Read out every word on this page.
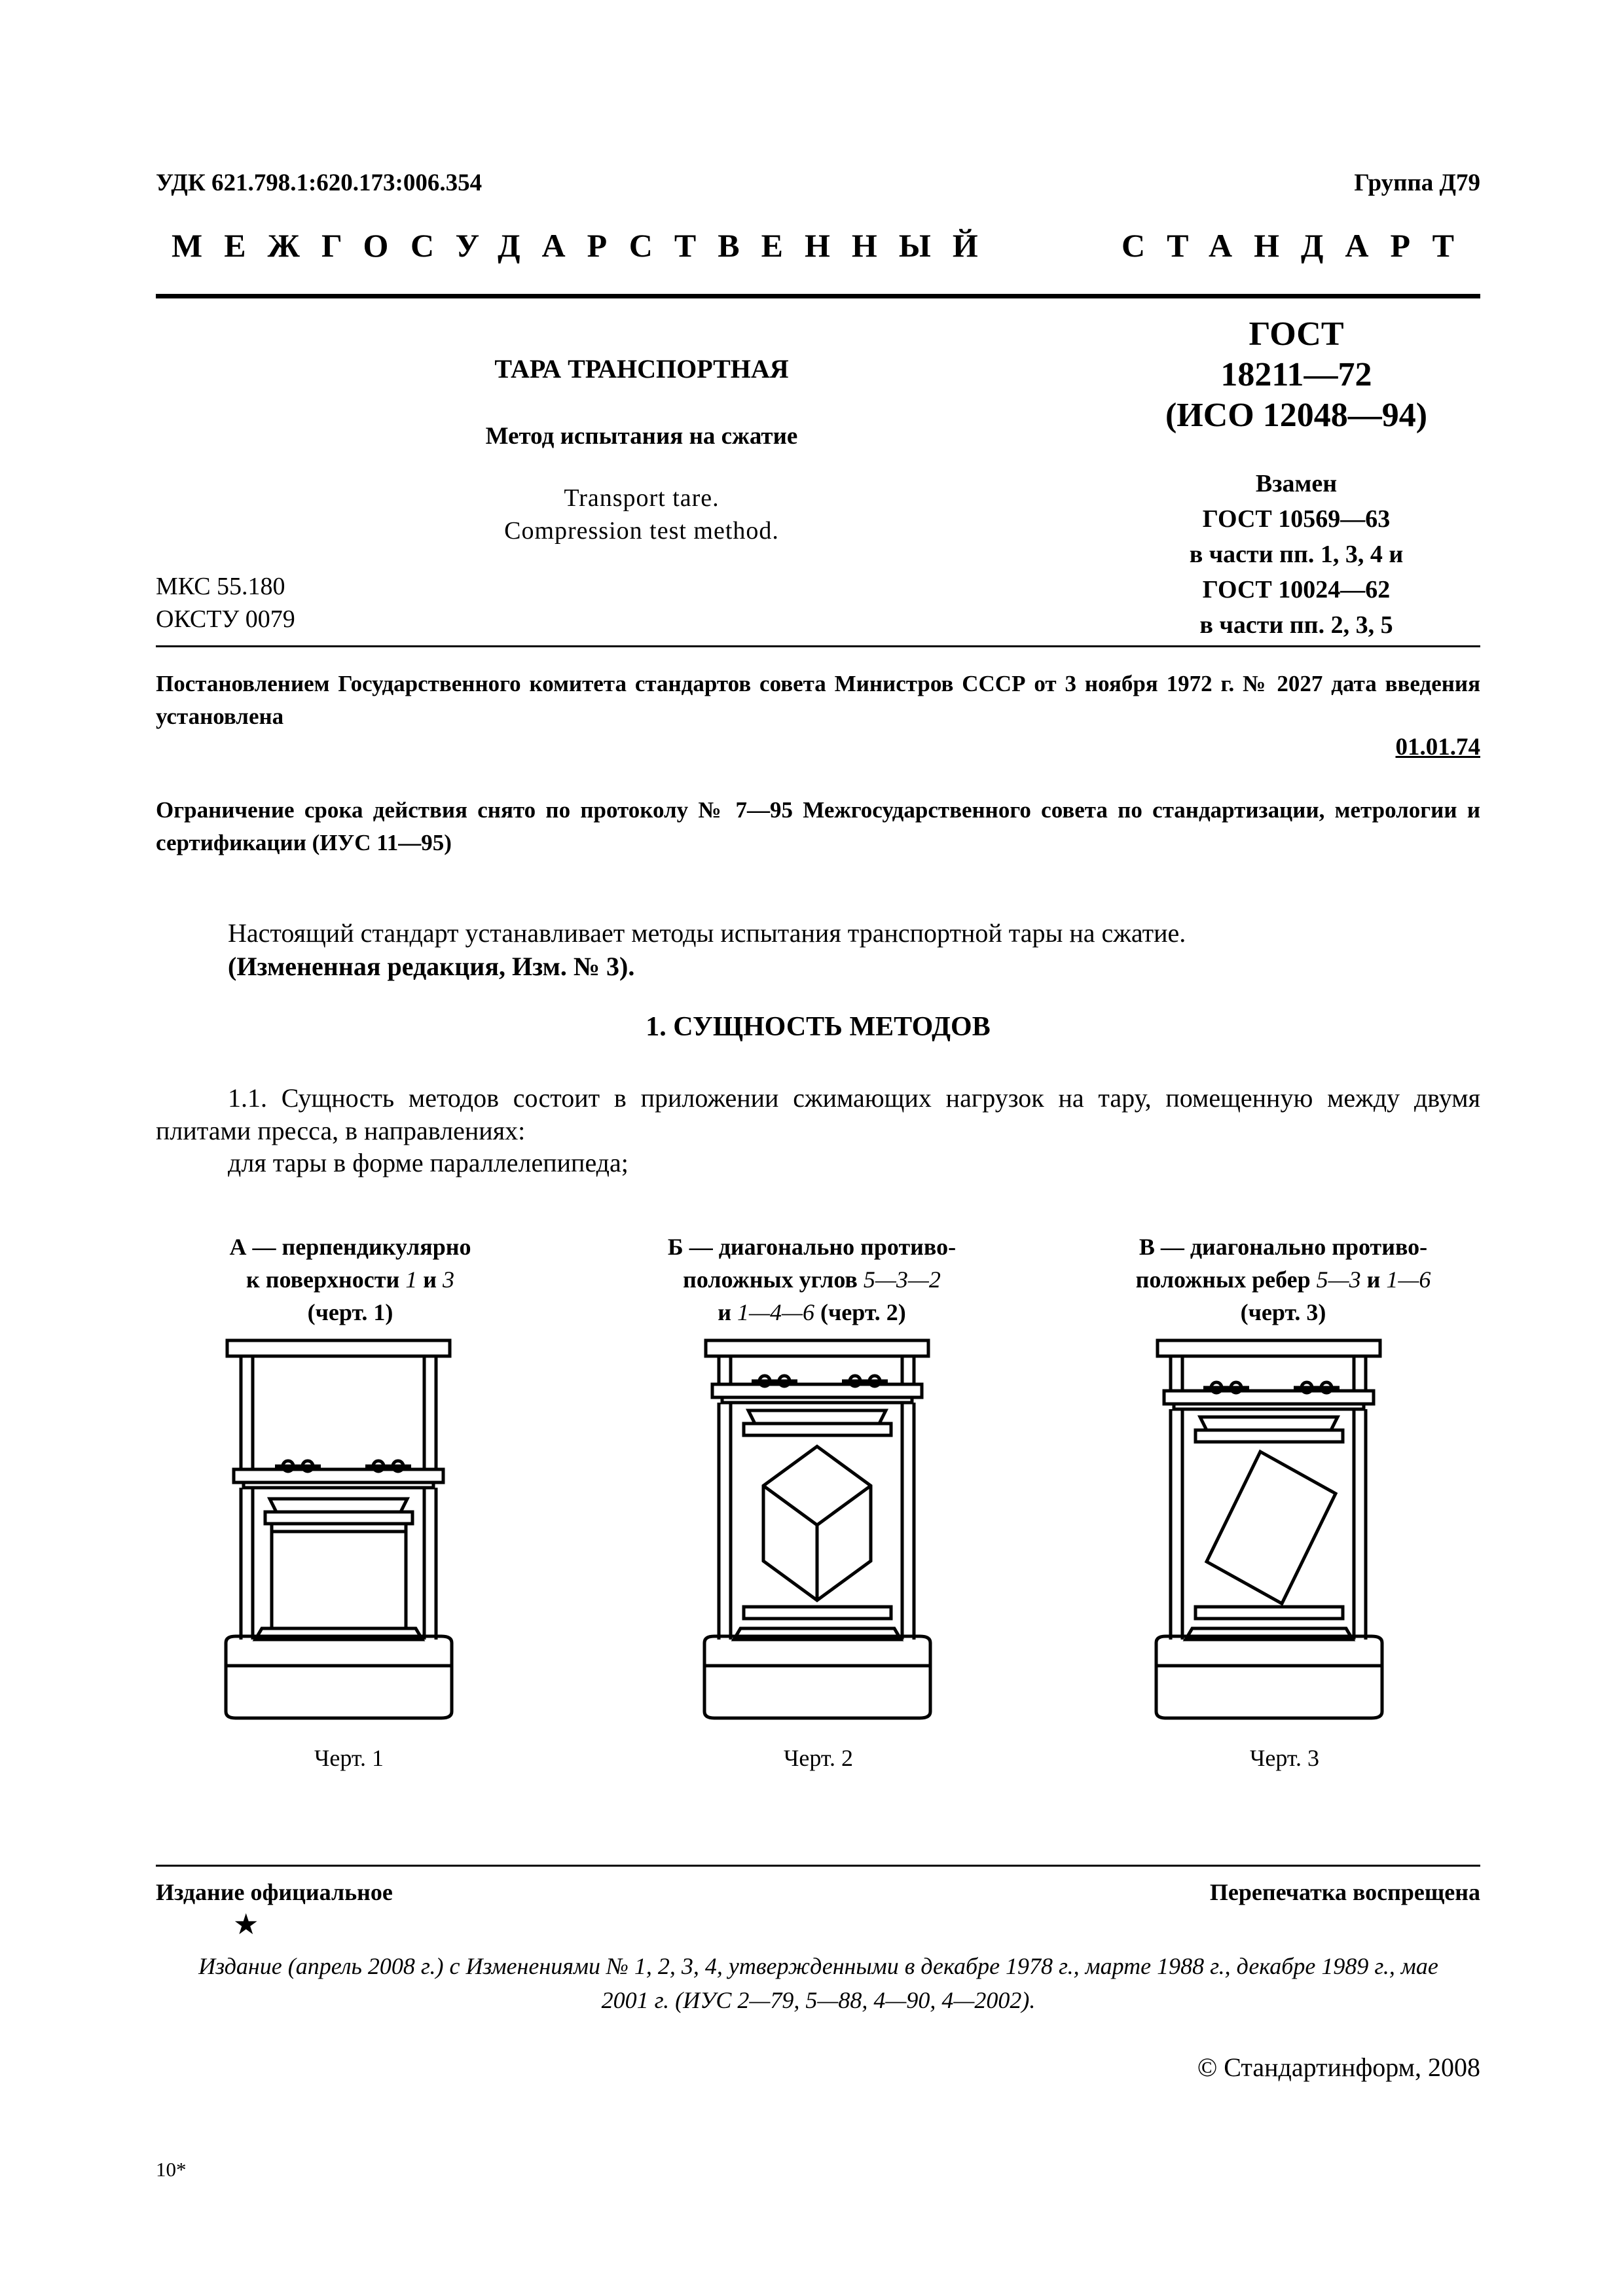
УДК 621.798.1:620.173:006.354	Группа Д79
МЕЖГОСУДАРСТВЕННЫЙ	СТАНДАРТ
ТАРА ТРАНСПОРТНАЯ
Метод испытания на сжатие
Transport tare.
Compression test method.
ГОСТ
18211—72
(ИСО 12048—94)
Взамен
ГОСТ 10569—63
в части пп. 1, 3, 4 и
ГОСТ 10024—62
в части пп. 2, 3, 5
МКС 55.180
ОКСТУ 0079
Постановлением Государственного комитета стандартов совета Министров СССР от 3 ноября 1972 г. № 2027 дата введения установлена
01.01.74
Ограничение срока действия снято по протоколу № 7—95 Межгосударственного совета по стандартизации, метрологии и сертификации (ИУС 11—95)
Настоящий стандарт устанавливает методы испытания транспортной тары на сжатие.
(Измененная редакция, Изм. № 3).
1. СУЩНОСТЬ МЕТОДОВ
1.1. Сущность методов состоит в приложении сжимающих нагрузок на тару, помещенную между двумя плитами пресса, в направлениях:
для тары в форме параллелепипеда;
А — перпендикулярно
к поверхности 1 и 3
(черт. 1)
Б — диагонально противо-
положных углов 5—3—2
и 1—4—6 (черт. 2)
В — диагонально противо-
положных ребер 5—3 и 1—6
(черт. 3)
Черт. 1	Черт. 2	Черт. 3
Издание официальное	Перепечатка воспрещена
★
Издание (апрель 2008 г.) с Изменениями № 1, 2, 3, 4, утвержденными в декабре 1978 г., марте 1988 г., декабре 1989 г., мае 2001 г. (ИУС 2—79, 5—88, 4—90, 4—2002).
© Стандартинформ, 2008
10*
